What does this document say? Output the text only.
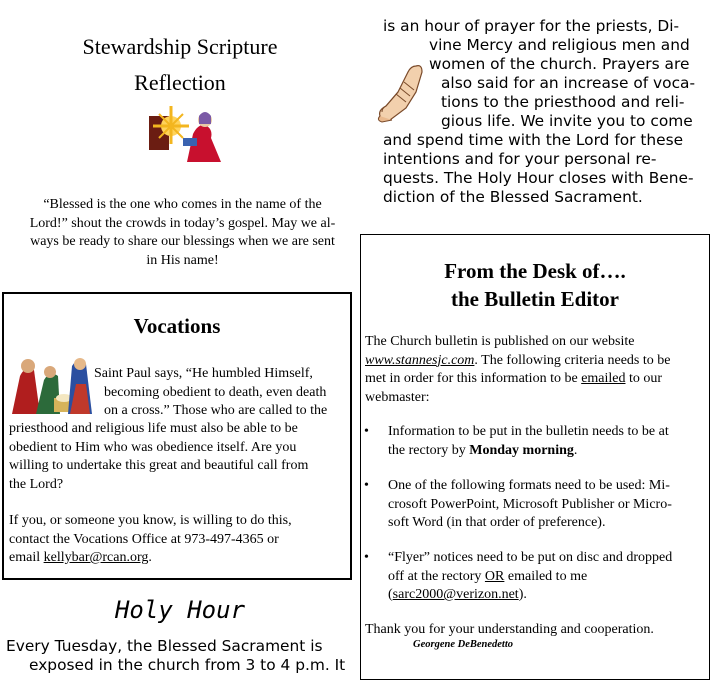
Stewardship Scripture
Reflection
“Blessed is the one who comes in the name of the
Lord!” shout the crowds in today’s gospel. May we al-
ways be ready to share our blessings when we are sent
in His name!
Vocations
Saint Paul says, “He humbled Himself,
becoming obedient to death, even death
on a cross.” Those who are called to the
priesthood and religious life must also be able to be
obedient to Him who was obedience itself. Are you
willing to undertake this great and beautiful call from
the Lord?
If you, or someone you know, is willing to do this,
contact the Vocations Office at 973-497-4365 or
email kellybar@rcan.org.
Holy Hour
Every Tuesday, the Blessed Sacrament is
exposed in the church from 3 to 4 p.m. It
is an hour of prayer for the priests, Di-
vine Mercy and religious men and
women of the church. Prayers are
also said for an increase of voca-
tions to the priesthood and reli-
gious life. We invite you to come
and spend time with the Lord for these
intentions and for your personal re-
quests. The Holy Hour closes with Bene-
diction of the Blessed Sacrament.
From the Desk of….
the Bulletin Editor
The Church bulletin is published on our website
www.stannesjc.com. The following criteria needs to be
met in order for this information to be emailed to our
webmaster:
• Information to be put in the bulletin needs to be at
the rectory by Monday morning.
• One of the following formats need to be used: Mi-
crosoft PowerPoint, Microsoft Publisher or Micro-
soft Word (in that order of preference).
• “Flyer” notices need to be put on disc and dropped
off at the rectory OR emailed to me
(sarc2000@verizon.net).
Thank you for your understanding and cooperation.
Georgene DeBenedetto
